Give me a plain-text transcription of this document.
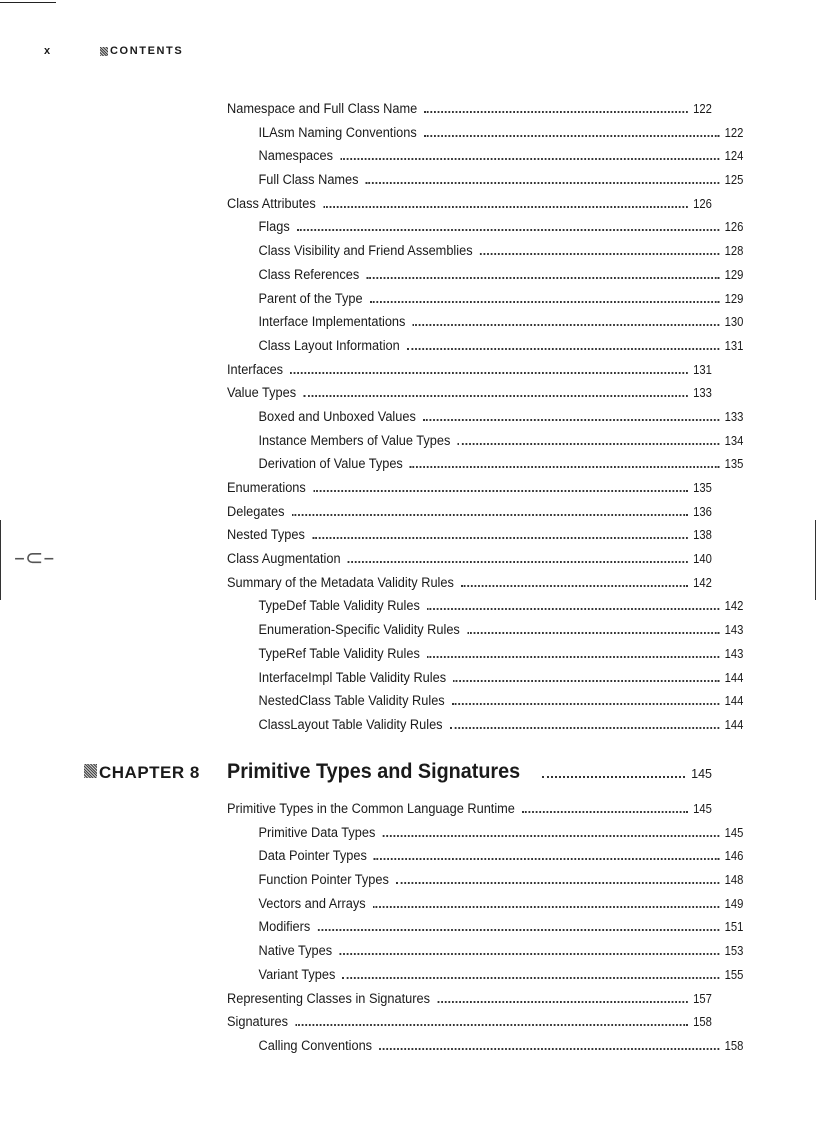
–⊂–
x	CONTENTS
Namespace and Full Class Name	122
ILAsm Naming Conventions	122
Namespaces	124
Full Class Names	125
Class Attributes	126
Flags	126
Class Visibility and Friend Assemblies	128
Class References	129
Parent of the Type	129
Interface Implementations	130
Class Layout Information	131
Interfaces	131
Value Types	133
Boxed and Unboxed Values	133
Instance Members of Value Types	134
Derivation of Value Types	135
Enumerations	135
Delegates	136
Nested Types	138
Class Augmentation	140
Summary of the Metadata Validity Rules	142
TypeDef Table Validity Rules	142
Enumeration-Specific Validity Rules	143
TypeRef Table Validity Rules	143
InterfaceImpl Table Validity Rules	144
NestedClass Table Validity Rules	144
ClassLayout Table Validity Rules	144
CHAPTER 8 Primitive Types and Signatures	145
Primitive Types in the Common Language Runtime	145
Primitive Data Types	145
Data Pointer Types	146
Function Pointer Types	148
Vectors and Arrays	149
Modifiers	151
Native Types	153
Variant Types	155
Representing Classes in Signatures	157
Signatures	158
Calling Conventions	158
